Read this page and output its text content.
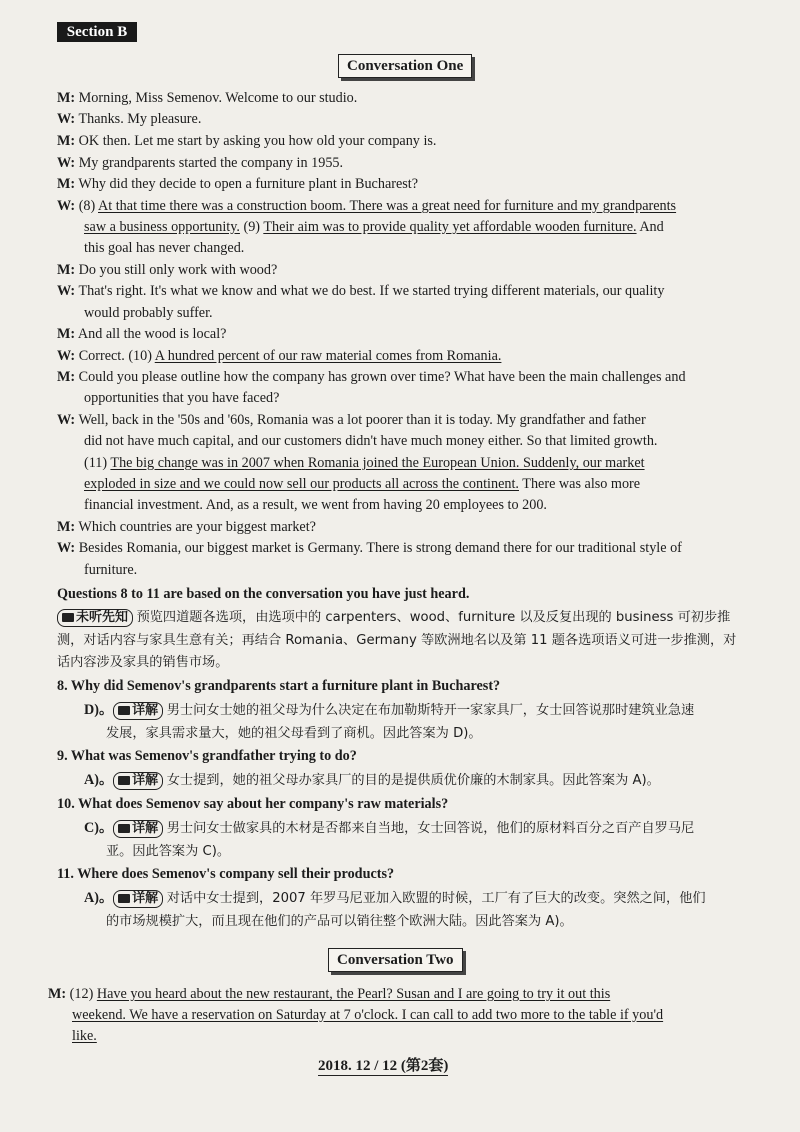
Section B
Conversation One
M: Morning, Miss Semenov. Welcome to our studio.
W: Thanks. My pleasure.
M: OK then. Let me start by asking you how old your company is.
W: My grandparents started the company in 1955.
M: Why did they decide to open a furniture plant in Bucharest?
W: (8) At that time there was a construction boom. There was a great need for furniture and my grandparents
saw a business opportunity. (9) Their aim was to provide quality yet affordable wooden furniture. And
this goal has never changed.
M: Do you still only work with wood?
W: That's right. It's what we know and what we do best. If we started trying different materials, our quality
would probably suffer.
M: And all the wood is local?
W: Correct. (10) A hundred percent of our raw material comes from Romania.
M: Could you please outline how the company has grown over time? What have been the main challenges and
opportunities that you have faced?
W: Well, back in the '50s and '60s, Romania was a lot poorer than it is today. My grandfather and father
did not have much capital, and our customers didn't have much money either. So that limited growth.
(11) The big change was in 2007 when Romania joined the European Union. Suddenly, our market
exploded in size and we could now sell our products all across the continent. There was also more
financial investment. And, as a result, we went from having 20 employees to 200.
M: Which countries are your biggest market?
W: Besides Romania, our biggest market is Germany. There is strong demand there for our traditional style of
furniture.
Questions 8 to 11 are based on the conversation you have just heard.
未听先知 预览四道题各选项，由选项中的 carpenters、wood、furniture 以及反复出现的 business 可初步推
测，对话内容与家具生意有关；再结合 Romania、Germany 等欧洲地名以及第 11 题各选项语义可进一步推测，对
话内容涉及家具的销售市场。
8. Why did Semenov's grandparents start a furniture plant in Bucharest?
D)。 详解 男士问女士她的祖父母为什么决定在布加勒斯特开一家家具厂，女士回答说那时建筑业急速
发展，家具需求量大，她的祖父母看到了商机。因此答案为 D)。
9. What was Semenov's grandfather trying to do?
A)。 详解 女士提到，她的祖父母办家具厂的目的是提供质优价廉的木制家具。因此答案为 A)。
10. What does Semenov say about her company's raw materials?
C)。 详解 男士问女士做家具的木材是否都来自当地，女士回答说，他们的原材料百分之百产自罗马尼
亚。因此答案为 C)。
11. Where does Semenov's company sell their products?
A)。 详解 对话中女士提到，2007 年罗马尼亚加入欧盟的时候，工厂有了巨大的改变。突然之间，他们
的市场规模扩大，而且现在他们的产品可以销往整个欧洲大陆。因此答案为 A)。
Conversation Two
M: (12) Have you heard about the new restaurant, the Pearl? Susan and I are going to try it out this
weekend. We have a reservation on Saturday at 7 o'clock. I can call to add two more to the table if you'd
like.
2018. 12 / 12 (第2套)
